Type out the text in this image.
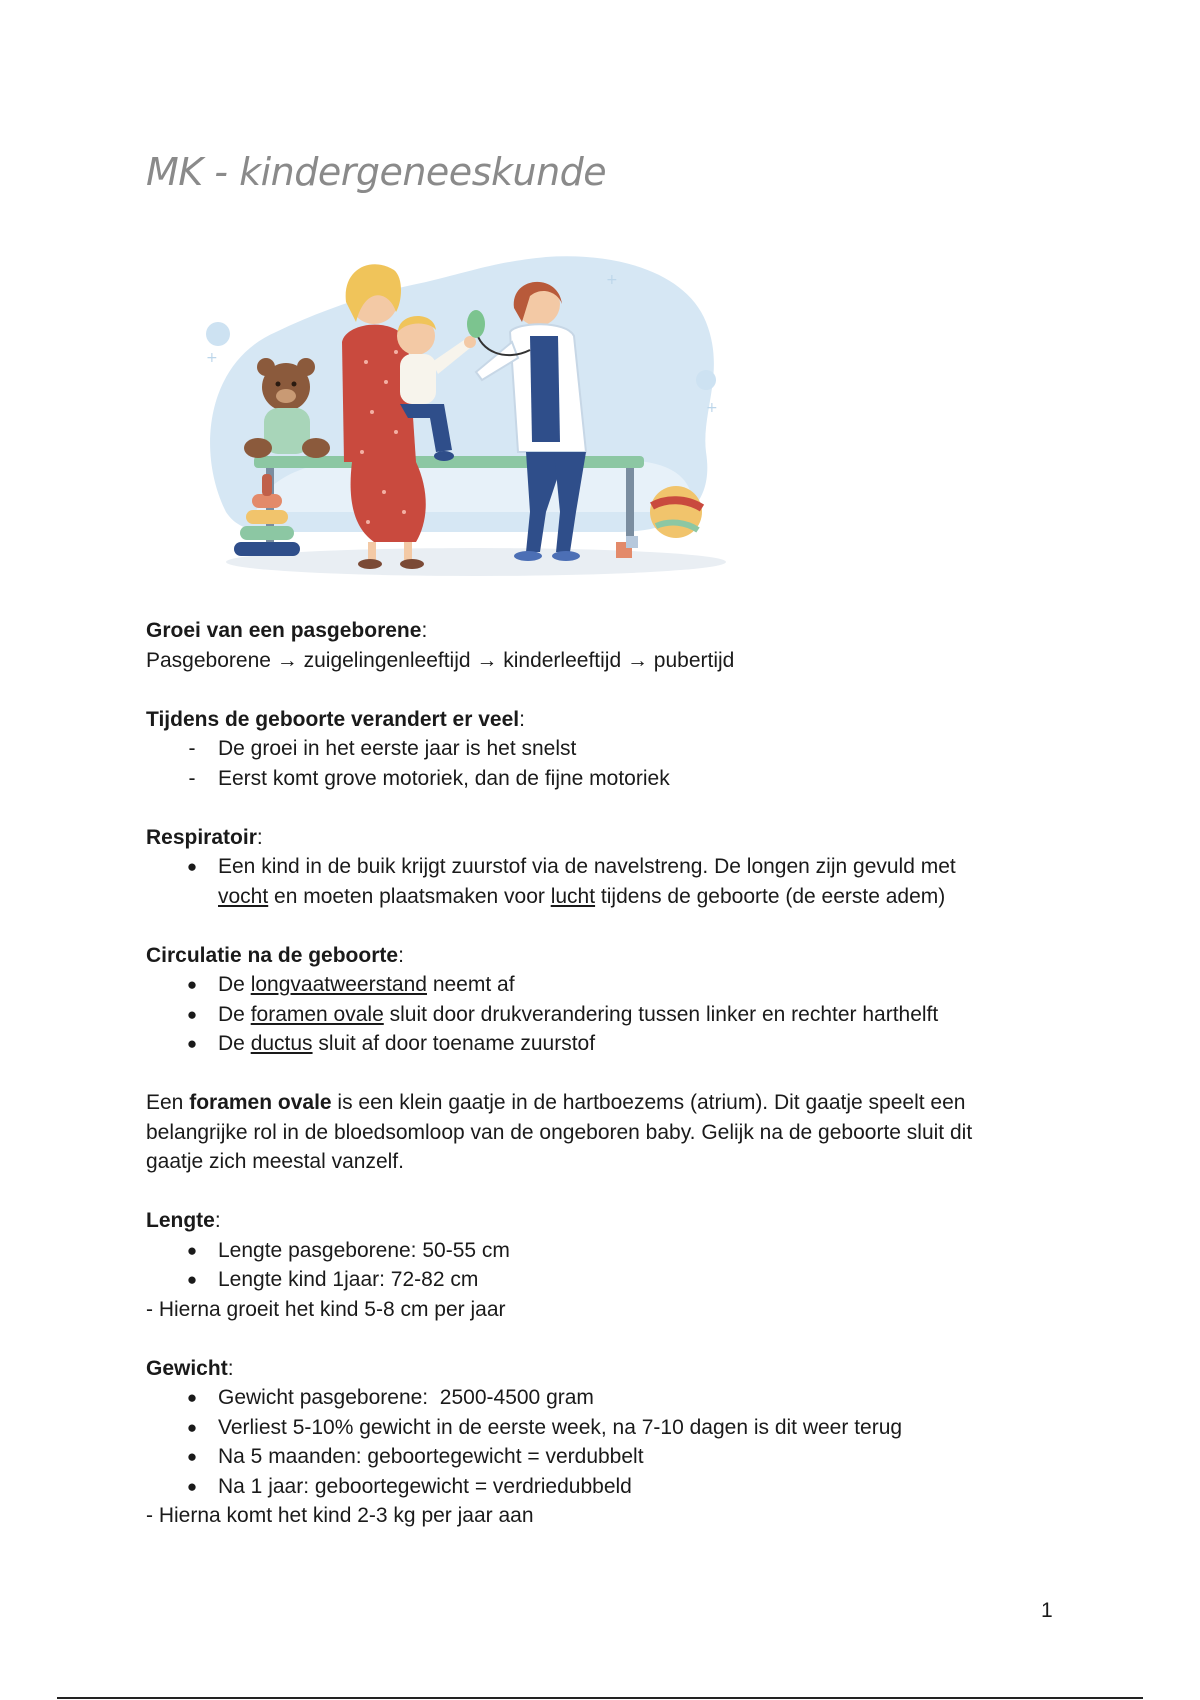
MK - kindergeneeskunde
+
+
+

Groei van een pasgeborene:

Pasgeborene → zuigelingenleeftijd → kinderleeftijd → pubertijd

Tijdens de geboorte verandert er veel:

-	De groei in het eerste jaar is het snelst
-	Eerst komt grove motoriek, dan de fijne motoriek

Respiratoir:

● Een kind in de buik krijgt zuurstof via de navelstreng. De longen zijn gevuld met
vocht en moeten plaatsmaken voor lucht tijdens de geboorte (de eerste adem)

Circulatie na de geboorte:

● De longvaatweerstand neemt af
● De foramen ovale sluit door drukverandering tussen linker en rechter harthelft
● De ductus sluit af door toename zuurstof

Een foramen ovale is een klein gaatje in de hartboezems (atrium). Dit gaatje speelt een
belangrijke rol in de bloedsomloop van de ongeboren baby. Gelijk na de geboorte sluit dit
gaatje zich meestal vanzelf.

Lengte:

● Lengte pasgeborene: 50-55 cm
● Lengte kind 1jaar: 72-82 cm

- Hierna groeit het kind 5-8 cm per jaar

Gewicht:

● Gewicht pasgeborene:  2500-4500 gram
● Verliest 5-10% gewicht in de eerste week, na 7-10 dagen is dit weer terug
● Na 5 maanden: geboortegewicht = verdubbelt
● Na 1 jaar: geboortegewicht = verdriedubbeld

- Hierna komt het kind 2-3 kg per jaar aan

1
